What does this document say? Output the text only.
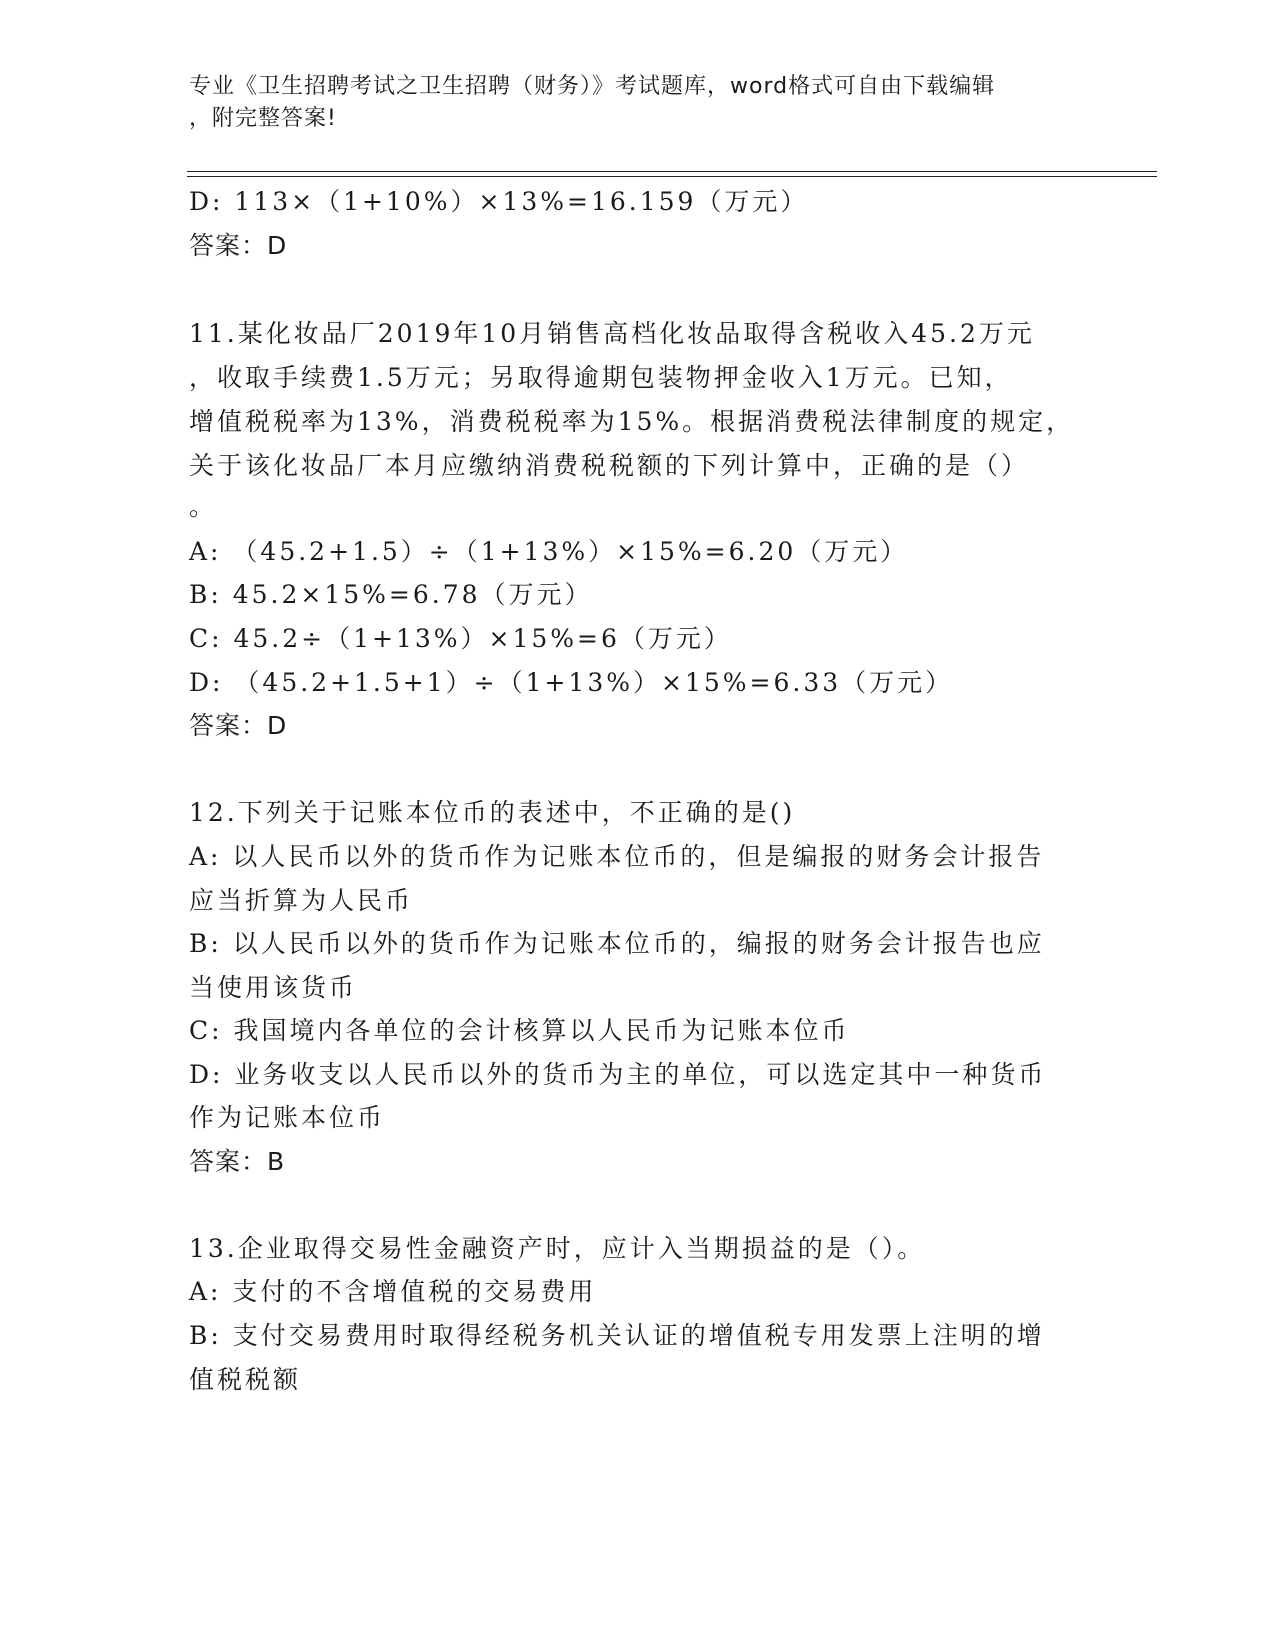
专业《卫生招聘考试之卫生招聘（财务）》考试题库，word格式可自由下载编辑
，附完整答案!
D: 113×（1+10%）×13%=16.159（万元）
答案：D
11.某化妆品厂2019年10月销售高档化妆品取得含税收入45.2万元
，收取手续费1.5万元；另取得逾期包装物押金收入1万元。已知，
增值税税率为13%，消费税税率为15%。根据消费税法律制度的规定，
关于该化妆品厂本月应缴纳消费税税额的下列计算中，正确的是（）
。
A: （45.2+1.5）÷（1+13%）×15%=6.20（万元）
B: 45.2×15%=6.78（万元）
C: 45.2÷（1+13%）×15%=6（万元）
D: （45.2+1.5+1）÷（1+13%）×15%=6.33（万元）
答案：D
12.下列关于记账本位币的表述中，不正确的是()
A: 以人民币以外的货币作为记账本位币的，但是编报的财务会计报告
应当折算为人民币
B: 以人民币以外的货币作为记账本位币的，编报的财务会计报告也应
当使用该货币
C: 我国境内各单位的会计核算以人民币为记账本位币
D: 业务收支以人民币以外的货币为主的单位，可以选定其中一种货币
作为记账本位币
答案：B
13.企业取得交易性金融资产时，应计入当期损益的是（）。
A: 支付的不含增值税的交易费用
B: 支付交易费用时取得经税务机关认证的增值税专用发票上注明的增
值税税额
